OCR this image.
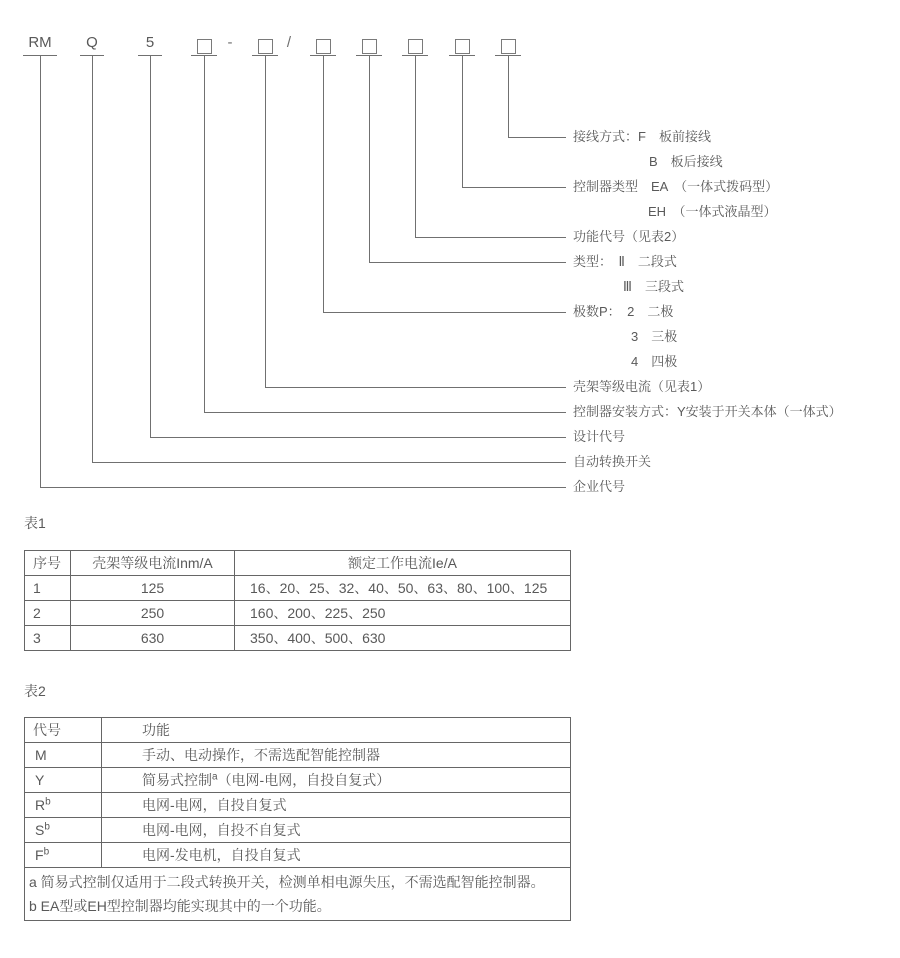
RM	Q	5	-	/
接线方式：F　板前接线
B　板后接线
控制器类型　EA　（一体式拨码型）
EH　（一体式液晶型）
功能代号（见表2）
类型：　Ⅱ　二段式
Ⅲ　三段式
极数P：　2　二极
3　三极
4　四极
壳架等级电流（见表1）
控制器安装方式：Y安装于开关本体（一体式）
设计代号
自动转换开关
企业代号
表1
序号	壳架等级电流Inm/A	额定工作电流Ie/A
1	125	16、20、25、32、40、50、63、80、100、125
2	250	160、200、225、250
3	630	350、400、500、630
表2
代号	功能
M	手动、电动操作，不需选配智能控制器
Y	简易式控制$^a$（电网-电网，自投自复式）
$R^b$	电网-电网，自投自复式
$S^b$	电网-电网，自投不自复式
$F^b$	电网-发电机，自投自复式

a 简易式控制仅适用于二段式转换开关，检测单相电源失压，不需选配智能控制器。
b EA型或EH型控制器均能实现其中的一个功能。	
